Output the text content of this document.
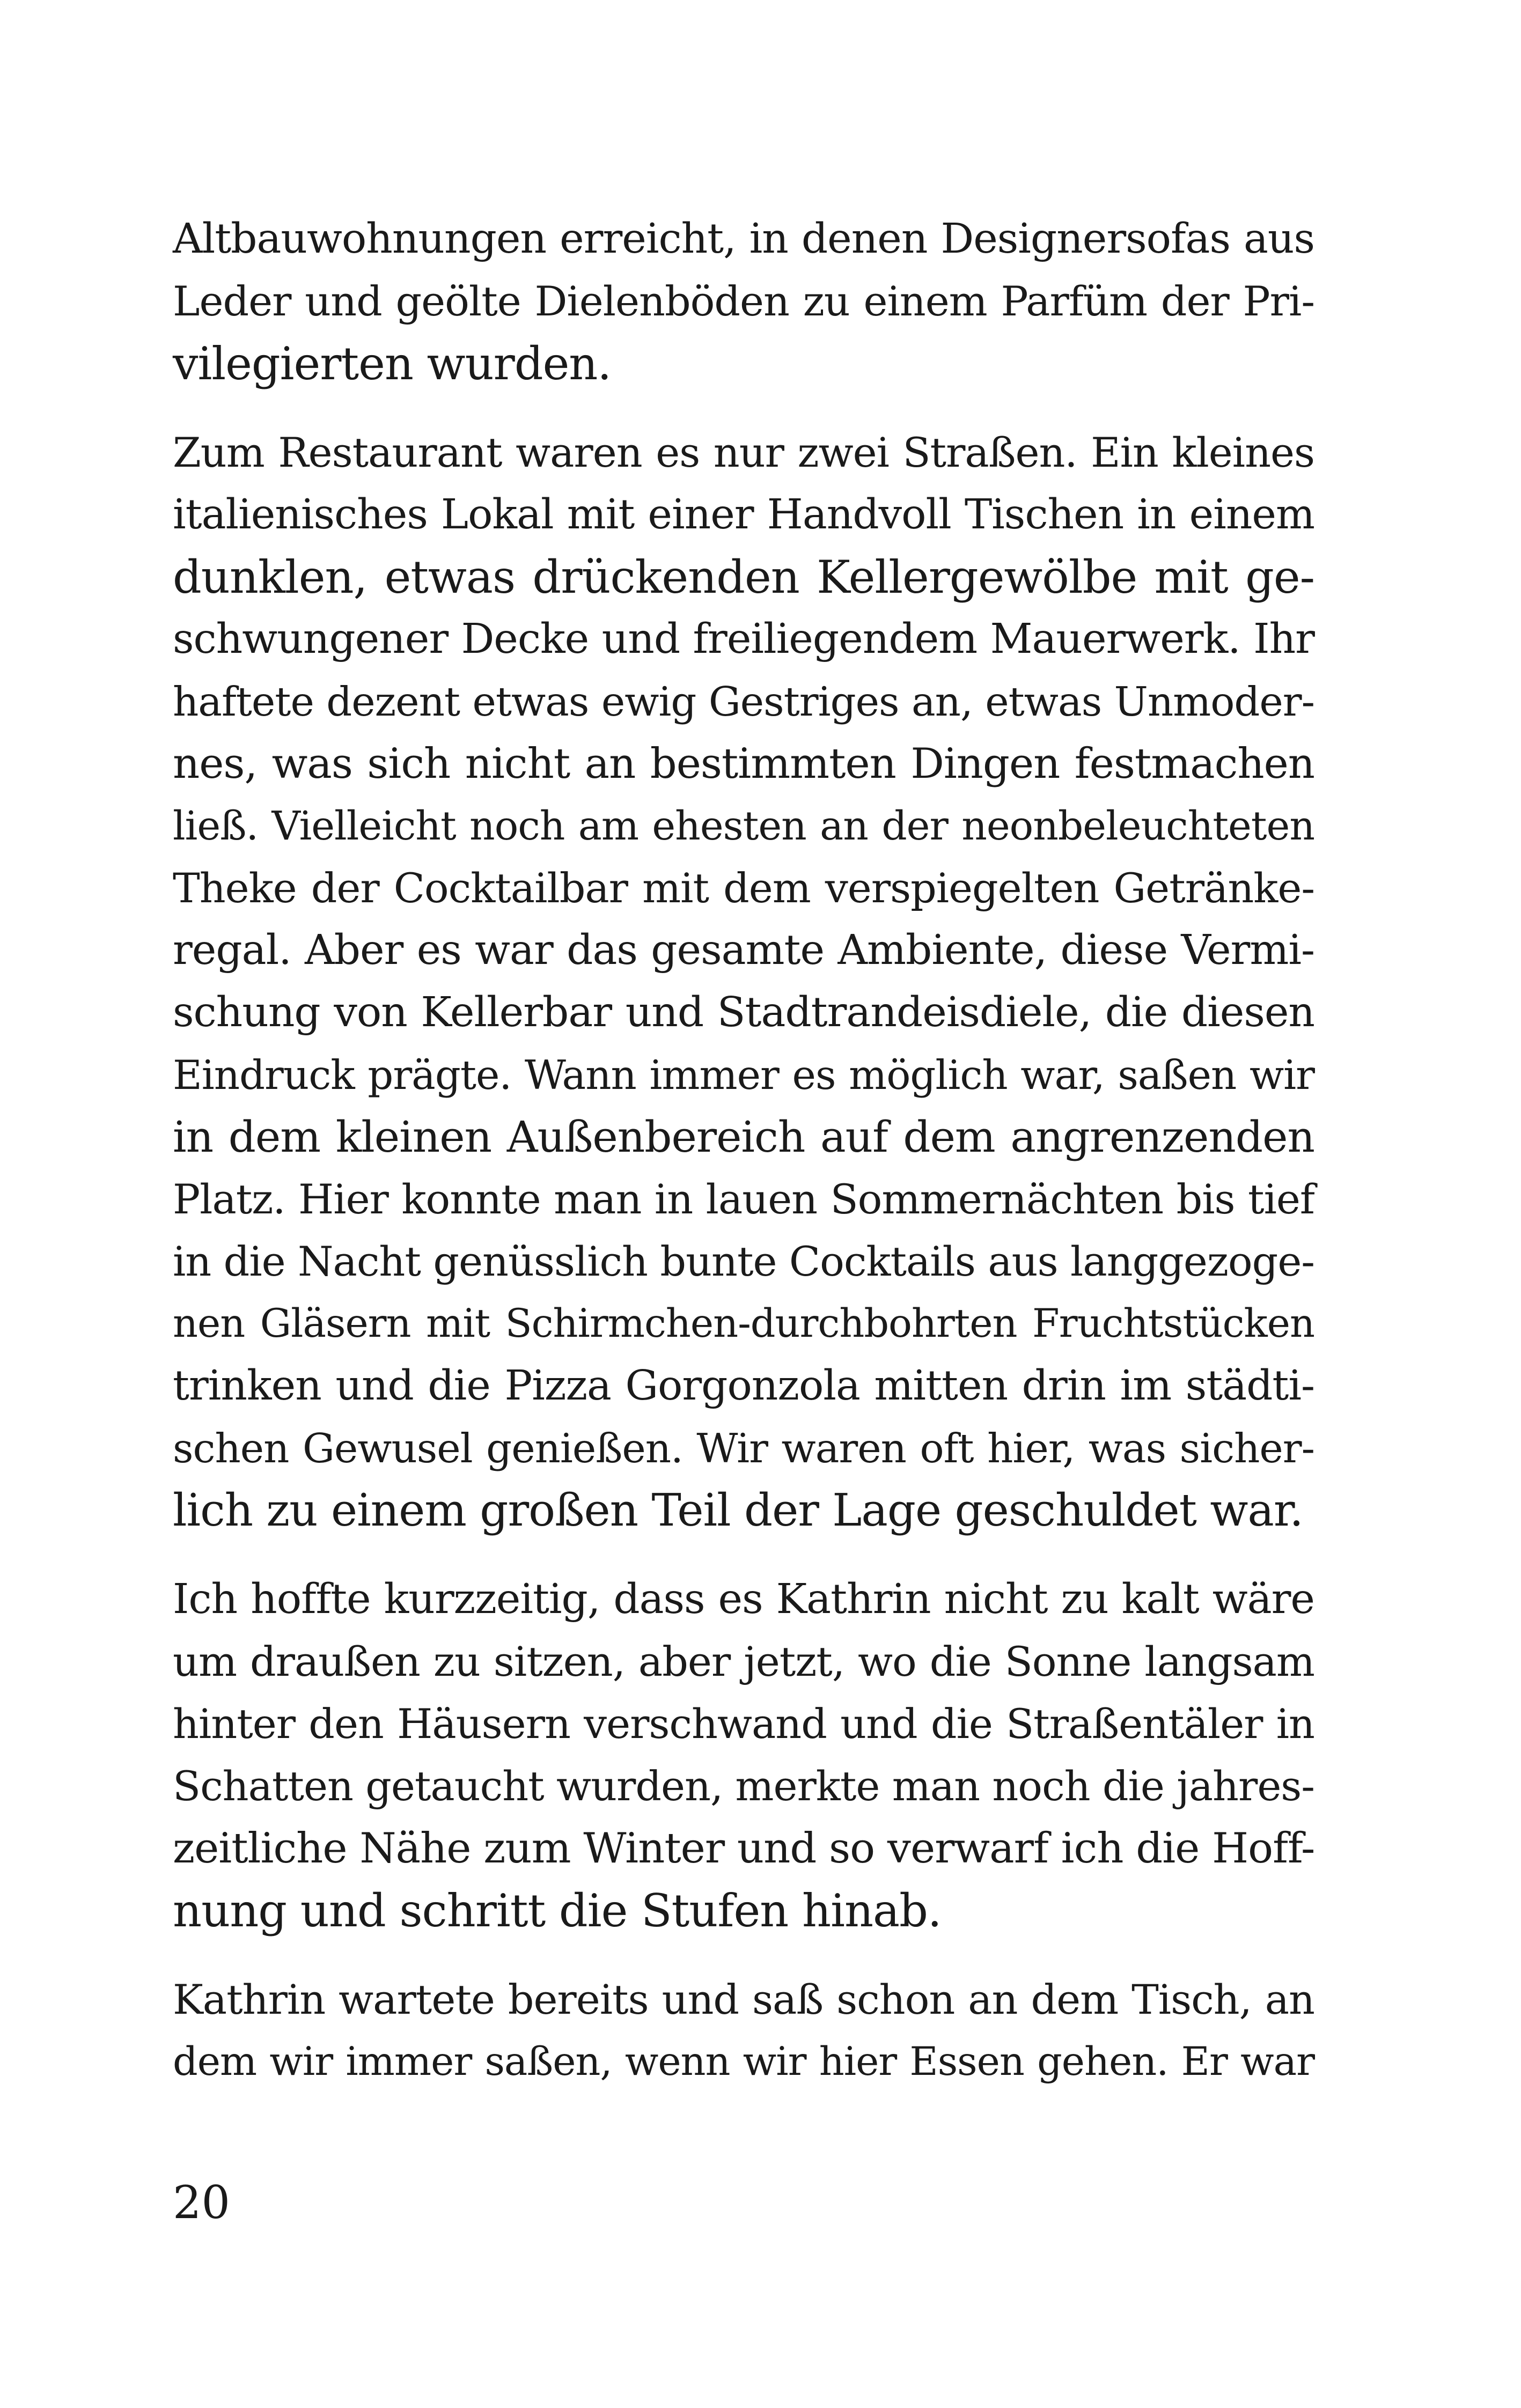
Altbauwohnungen erreicht, in denen Designersofas aus
Leder und geölte Dielenböden zu einem Parfüm der Pri-
vilegierten wurden.
Zum Restaurant waren es nur zwei Straßen. Ein kleines
italienisches Lokal mit einer Handvoll Tischen in einem
dunklen, etwas drückenden Kellergewölbe mit ge-
schwungener Decke und freiliegendem Mauerwerk. Ihr
haftete dezent etwas ewig Gestriges an, etwas Unmoder-
nes, was sich nicht an bestimmten Dingen festmachen
ließ. Vielleicht noch am ehesten an der neonbeleuchteten
Theke der Cocktailbar mit dem verspiegelten Getränke-
regal. Aber es war das gesamte Ambiente, diese Vermi-
schung von Kellerbar und Stadtrandeisdiele, die diesen
Eindruck prägte. Wann immer es möglich war, saßen wir
in dem kleinen Außenbereich auf dem angrenzenden
Platz. Hier konnte man in lauen Sommernächten bis tief
in die Nacht genüsslich bunte Cocktails aus langgezoge-
nen Gläsern mit Schirmchen-durchbohrten Fruchtstücken
trinken und die Pizza Gorgonzola mitten drin im städti-
schen Gewusel genießen. Wir waren oft hier, was sicher-
lich zu einem großen Teil der Lage geschuldet war.
Ich hoffte kurzzeitig, dass es Kathrin nicht zu kalt wäre
um draußen zu sitzen, aber jetzt, wo die Sonne langsam
hinter den Häusern verschwand und die Straßentäler in
Schatten getaucht wurden, merkte man noch die jahres-
zeitliche Nähe zum Winter und so verwarf ich die Hoff-
nung und schritt die Stufen hinab.
Kathrin wartete bereits und saß schon an dem Tisch, an
dem wir immer saßen, wenn wir hier Essen gehen. Er war
20
